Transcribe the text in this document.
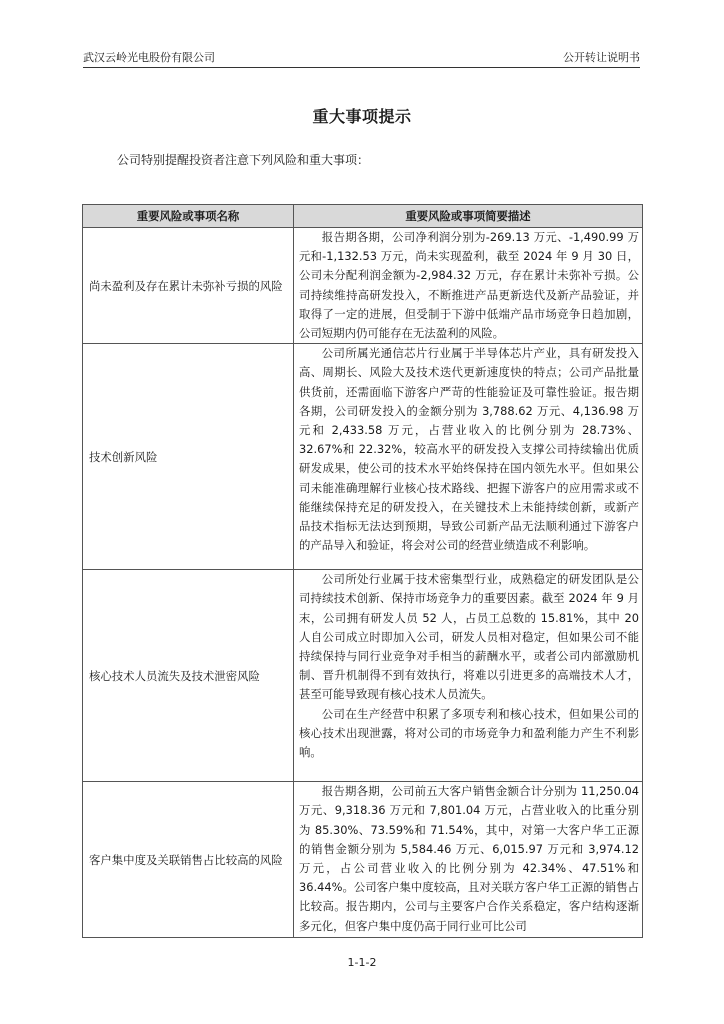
武汉云岭光电股份有限公司	公开转让说明书
重大事项提示
公司特别提醒投资者注意下列风险和重大事项：
重要风险或事项名称	重要风险或事项简要描述
尚未盈利及存在累计未弥补亏损的风险	报告期各期，公司净利润分别为-269.13 万元、-1,490.99 万元和-1,132.53 万元，尚未实现盈利，截至 2024 年 9 月 30 日，公司未分配利润金额为-2,984.32 万元，存在累计未弥补亏损。公司持续维持高研发投入，不断推进产品更新迭代及新产品验证，并取得了一定的进展，但受制于下游中低端产品市场竞争日趋加剧，公司短期内仍可能存在无法盈利的风险。

技术创新风险	公司所属光通信芯片行业属于半导体芯片产业，具有研发投入高、周期长、风险大及技术迭代更新速度快的特点；公司产品批量供货前，还需面临下游客户严苛的性能验证及可靠性验证。报告期各期，公司研发投入的金额分别为 3,788.62 万元、4,136.98 万元和 2,433.58 万元，占营业收入的比例分别为 28.73%、32.67%和 22.32%，较高水平的研发投入支撑公司持续输出优质研发成果，使公司的技术水平始终保持在国内领先水平。但如果公司未能准确理解行业核心技术路线、把握下游客户的应用需求或不能继续保持充足的研发投入，在关键技术上未能持续创新，或新产品技术指标无法达到预期，导致公司新产品无法顺利通过下游客户的产品导入和验证，将会对公司的经营业绩造成不利影响。

核心技术人员流失及技术泄密风险	公司所处行业属于技术密集型行业，成熟稳定的研发团队是公司持续技术创新、保持市场竞争力的重要因素。截至 2024 年 9 月末，公司拥有研发人员 52 人，占员工总数的 15.81%，其中 20 人自公司成立时即加入公司，研发人员相对稳定，但如果公司不能持续保持与同行业竞争对手相当的薪酬水平，或者公司内部激励机制、晋升机制得不到有效执行，将难以引进更多的高端技术人才，甚至可能导致现有核心技术人员流失。

公司在生产经营中积累了多项专利和核心技术，但如果公司的核心技术出现泄露，将对公司的市场竞争力和盈利能力产生不利影响。

客户集中度及关联销售占比较高的风险	报告期各期，公司前五大客户销售金额合计分别为 11,250.04 万元、9,318.36 万元和 7,801.04 万元，占营业收入的比重分别为 85.30%、73.59%和 71.54%，其中，对第一大客户华工正源的销售金额分别为 5,584.46 万元、6,015.97 万元和 3,974.12 万元，占公司营业收入的比例分别为 42.34%、47.51%和 36.44%。公司客户集中度较高，且对关联方客户华工正源的销售占比较高。报告期内，公司与主要客户合作关系稳定，客户结构逐渐多元化，但客户集中度仍高于同行业可比公司

1-1-2
